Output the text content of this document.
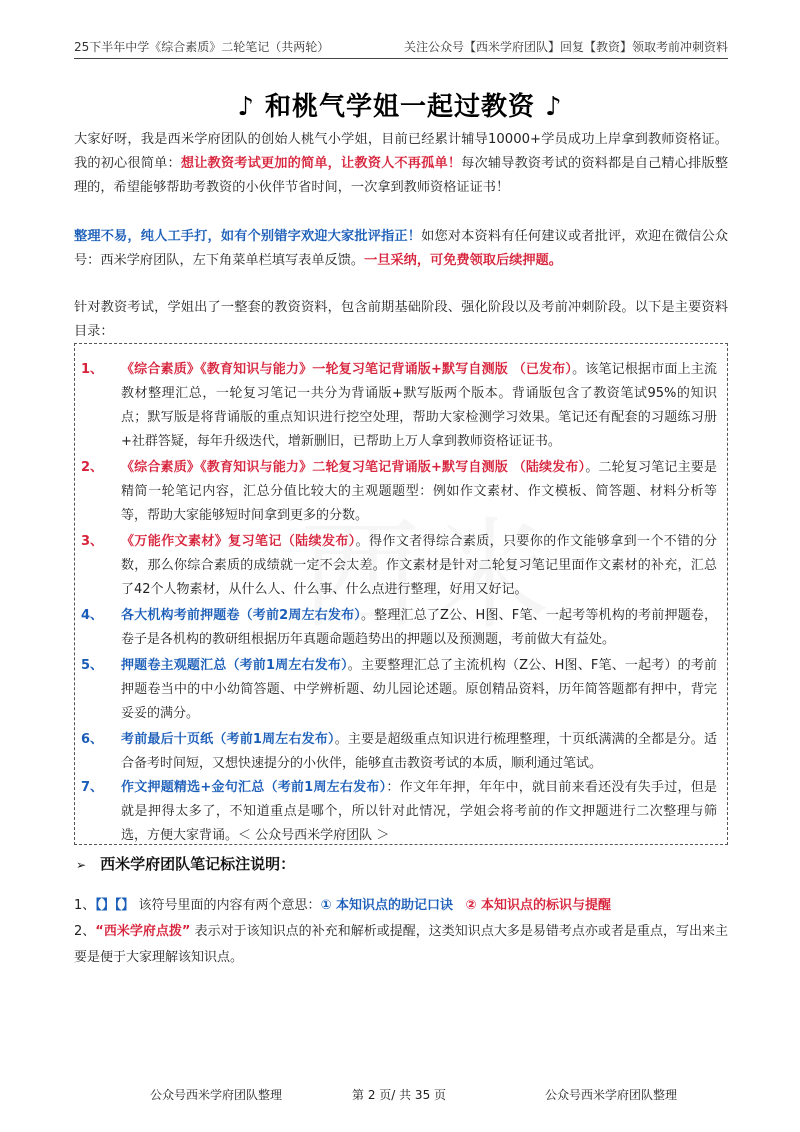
25下半年中学《综合素质》二轮笔记（共两轮）	关注公众号【西米学府团队】回复【教资】领取考前冲刺资料
♪ 和桃气学姐一起过教资 ♪
大家好呀，我是西米学府团队的创始人桃气小学姐，目前已经累计辅导10000+学员成功上岸拿到教师资格证。我的初心很简单：想让教资考试更加的简单，让教资人不再孤单！每次辅导教资考试的资料都是自己精心排版整理的，希望能够帮助考教资的小伙伴节省时间，一次拿到教师资格证证书！
整理不易，纯人工手打，如有个别错字欢迎大家批评指正！如您对本资料有任何建议或者批评，欢迎在微信公众号：西米学府团队，左下角菜单栏填写表单反馈。一旦采纳，可免费领取后续押题。
针对教资考试，学姐出了一整套的教资资料，包含前期基础阶段、强化阶段以及考前冲刺阶段。以下是主要资料目录：
1、	《综合素质》《教育知识与能力》一轮复习笔记背诵版+默写自测版 （已发布）。该笔记根据市面上主流教材整理汇总，一轮复习笔记一共分为背诵版+默写版两个版本。背诵版包含了教资笔试95%的知识点；默写版是将背诵版的重点知识进行挖空处理，帮助大家检测学习效果。笔记还有配套的习题练习册+社群答疑，每年升级迭代，增新删旧，已帮助上万人拿到教师资格证证书。
2、	《综合素质》《教育知识与能力》二轮复习笔记背诵版+默写自测版 （陆续发布）。二轮复习笔记主要是精简一轮笔记内容，汇总分值比较大的主观题题型：例如作文素材、作文模板、简答题、材料分析等等，帮助大家能够短时间拿到更多的分数。
3、	《万能作文素材》复习笔记（陆续发布）。得作文者得综合素质，只要你的作文能够拿到一个不错的分数，那么你综合素质的成绩就一定不会太差。作文素材是针对二轮复习笔记里面作文素材的补充，汇总了42个人物素材，从什么人、什么事、什么点进行整理，好用又好记。
4、	各大机构考前押题卷（考前2周左右发布）。整理汇总了Z公、H图、F笔、一起考等机构的考前押题卷，卷子是各机构的教研组根据历年真题命题趋势出的押题以及预测题，考前做大有益处。
5、	押题卷主观题汇总（考前1周左右发布）。主要整理汇总了主流机构（Z公、H图、F笔、一起考）的考前押题卷当中的中小幼简答题、中学辨析题、幼儿园论述题。原创精品资料，历年简答题都有押中，背完妥妥的满分。
6、	考前最后十页纸（考前1周左右发布）。主要是超级重点知识进行梳理整理，十页纸满满的全都是分。适合备考时间短，又想快速提分的小伙伴，能够直击教资考试的本质，顺利通过笔试。
7、	作文押题精选+金句汇总（考前1周左右发布）：作文年年押，年年中，就目前来看还没有失手过，但是就是押得太多了，不知道重点是哪个，所以针对此情况，学姐会将考前的作文押题进行二次整理与筛选，方便大家背诵。＜ 公众号西米学府团队 ＞
➢ 西米学府团队笔记标注说明：
1、【】【】 该符号里面的内容有两个意思：① 本知识点的助记口诀 ② 本知识点的标识与提醒
2、“西米学府点拨” 表示对于该知识点的补充和解析或提醒，这类知识点大多是易错考点亦或者是重点，写出来主要是便于大家理解该知识点。
公众号西米学府团队整理	第 2 页/ 共 35 页	公众号西米学府团队整理
